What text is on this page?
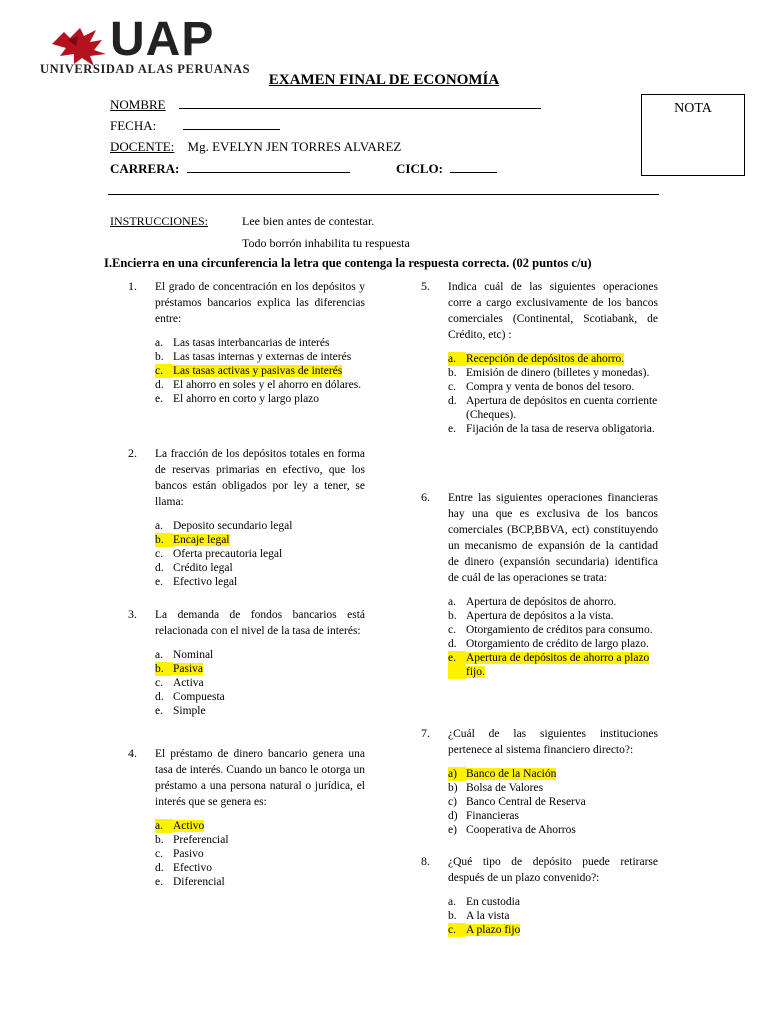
UAP
UNIVERSIDAD ALAS PERUANAS
EXAMEN FINAL DE ECONOMÍA
NOTA
NOMBRE
FECHA:
DOCENTE: Mg. EVELYN JEN TORRES ALVAREZ
CARRERA:	CICLO:
INSTRUCCIONES:	Lee bien antes de contestar.
Todo borrón inhabilita tu respuesta
I.Encierra en una circunferencia la letra que contenga la respuesta correcta. (02 puntos c/u)
1. El grado de concentración en los depósitos y préstamos bancarios explica las diferencias entre:
a. Las tasas interbancarias de interés
b. Las tasas internas y externas de interés
c. Las tasas activas y pasivas de interés
d. El ahorro en soles y el ahorro en dólares.
e. El ahorro en corto y largo plazo
2. La fracción de los depósitos totales en forma de reservas primarias en efectivo, que los bancos están obligados por ley a tener, se llama:
a. Deposito secundario legal
b. Encaje legal
c. Oferta precautoria legal
d. Crédito legal
e. Efectivo legal
3. La demanda de fondos bancarios está relacionada con el nivel de la tasa de interés:
a. Nominal
b. Pasiva
c. Activa
d. Compuesta
e. Simple
4. El préstamo de dinero bancario genera una tasa de interés. Cuando un banco le otorga un préstamo a una persona natural o jurídica, el interés que se genera es:
a. Activo
b. Preferencial
c. Pasivo
d. Efectivo
e. Diferencial
5. Indica cuál de las siguientes operaciones corre a cargo exclusivamente de los bancos comerciales (Continental, Scotiabank, de Crédito, etc) :
a. Recepción de depósitos de ahorro.
b. Emisión de dinero (billetes y monedas).
c. Compra y venta de bonos del tesoro.
d. Apertura de depósitos en cuenta corriente (Cheques).
e. Fijación de la tasa de reserva obligatoria.
6. Entre las siguientes operaciones financieras hay una que es exclusiva de los bancos comerciales (BCP,BBVA, ect) constituyendo un mecanismo de expansión de la cantidad de dinero (expansión secundaria) identifica de cuál de las operaciones se trata:
a. Apertura de depósitos de ahorro.
b. Apertura de depósitos a la vista.
c. Otorgamiento de créditos para consumo.
d. Otorgamiento de crédito de largo plazo.
e. Apertura de depósitos de ahorro a plazo fijo.
7. ¿Cuál de las siguientes instituciones pertenece al sistema financiero directo?:
a) Banco de la Nación
b) Bolsa de Valores
c) Banco Central de Reserva
d) Financieras
e) Cooperativa de Ahorros
8. ¿Qué tipo de depósito puede retirarse después de un plazo convenido?:
a. En custodia
b. A la vista
c. A plazo fijo
